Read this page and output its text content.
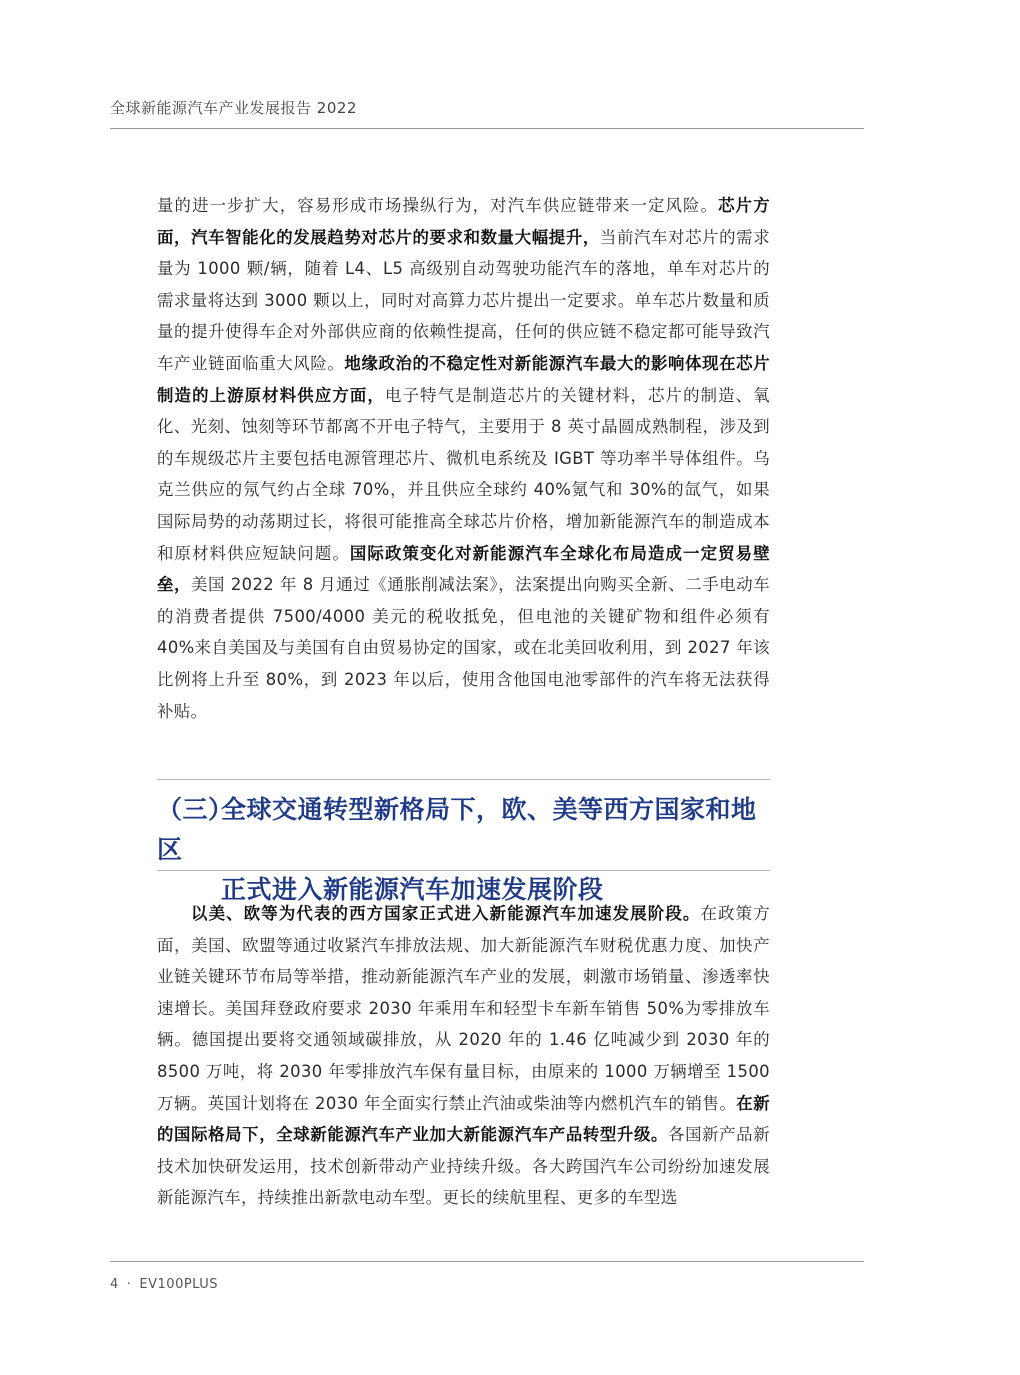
全球新能源汽车产业发展报告 2022

量的进一步扩大，容易形成市场操纵行为，对汽车供应链带来一定风险。芯片方面，汽车智能化的发展趋势对芯片的要求和数量大幅提升，当前汽车对芯片的需求量为 1000 颗/辆，随着 L4、L5 高级别自动驾驶功能汽车的落地，单车对芯片的需求量将达到 3000 颗以上，同时对高算力芯片提出一定要求。单车芯片数量和质量的提升使得车企对外部供应商的依赖性提高，任何的供应链不稳定都可能导致汽车产业链面临重大风险。地缘政治的不稳定性对新能源汽车最大的影响体现在芯片制造的上游原材料供应方面，电子特气是制造芯片的关键材料，芯片的制造、氧化、光刻、蚀刻等环节都离不开电子特气，主要用于 8 英寸晶圆成熟制程，涉及到的车规级芯片主要包括电源管理芯片、微机电系统及 IGBT 等功率半导体组件。乌克兰供应的氖气约占全球 70%，并且供应全球约 40%氪气和 30%的氙气，如果国际局势的动荡期过长，将很可能推高全球芯片价格，增加新能源汽车的制造成本和原材料供应短缺问题。国际政策变化对新能源汽车全球化布局造成一定贸易壁垒，美国 2022 年 8 月通过《通胀削减法案》，法案提出向购买全新、二手电动车的消费者提供 7500/4000 美元的税收抵免，但电池的关键矿物和组件必须有 40%来自美国及与美国有自由贸易协定的国家，或在北美回收利用，到 2027 年该比例将上升至 80%，到 2023 年以后，使用含他国电池零部件的汽车将无法获得补贴。

（三）全球交通转型新格局下，欧、美等西方国家和地区
正式进入新能源汽车加速发展阶段

以美、欧等为代表的西方国家正式进入新能源汽车加速发展阶段。在政策方面，美国、欧盟等通过收紧汽车排放法规、加大新能源汽车财税优惠力度、加快产业链关键环节布局等举措，推动新能源汽车产业的发展，刺激市场销量、渗透率快速增长。美国拜登政府要求 2030 年乘用车和轻型卡车新车销售 50%为零排放车辆。德国提出要将交通领域碳排放，从 2020 年的 1.46 亿吨减少到 2030 年的 8500 万吨，将 2030 年零排放汽车保有量目标，由原来的 1000 万辆增至 1500 万辆。英国计划将在 2030 年全面实行禁止汽油或柴油等内燃机汽车的销售。在新的国际格局下，全球新能源汽车产业加大新能源汽车产品转型升级。各国新产品新技术加快研发运用，技术创新带动产业持续升级。各大跨国汽车公司纷纷加速发展新能源汽车，持续推出新款电动车型。更长的续航里程、更多的车型选

4 · EV100PLUS
